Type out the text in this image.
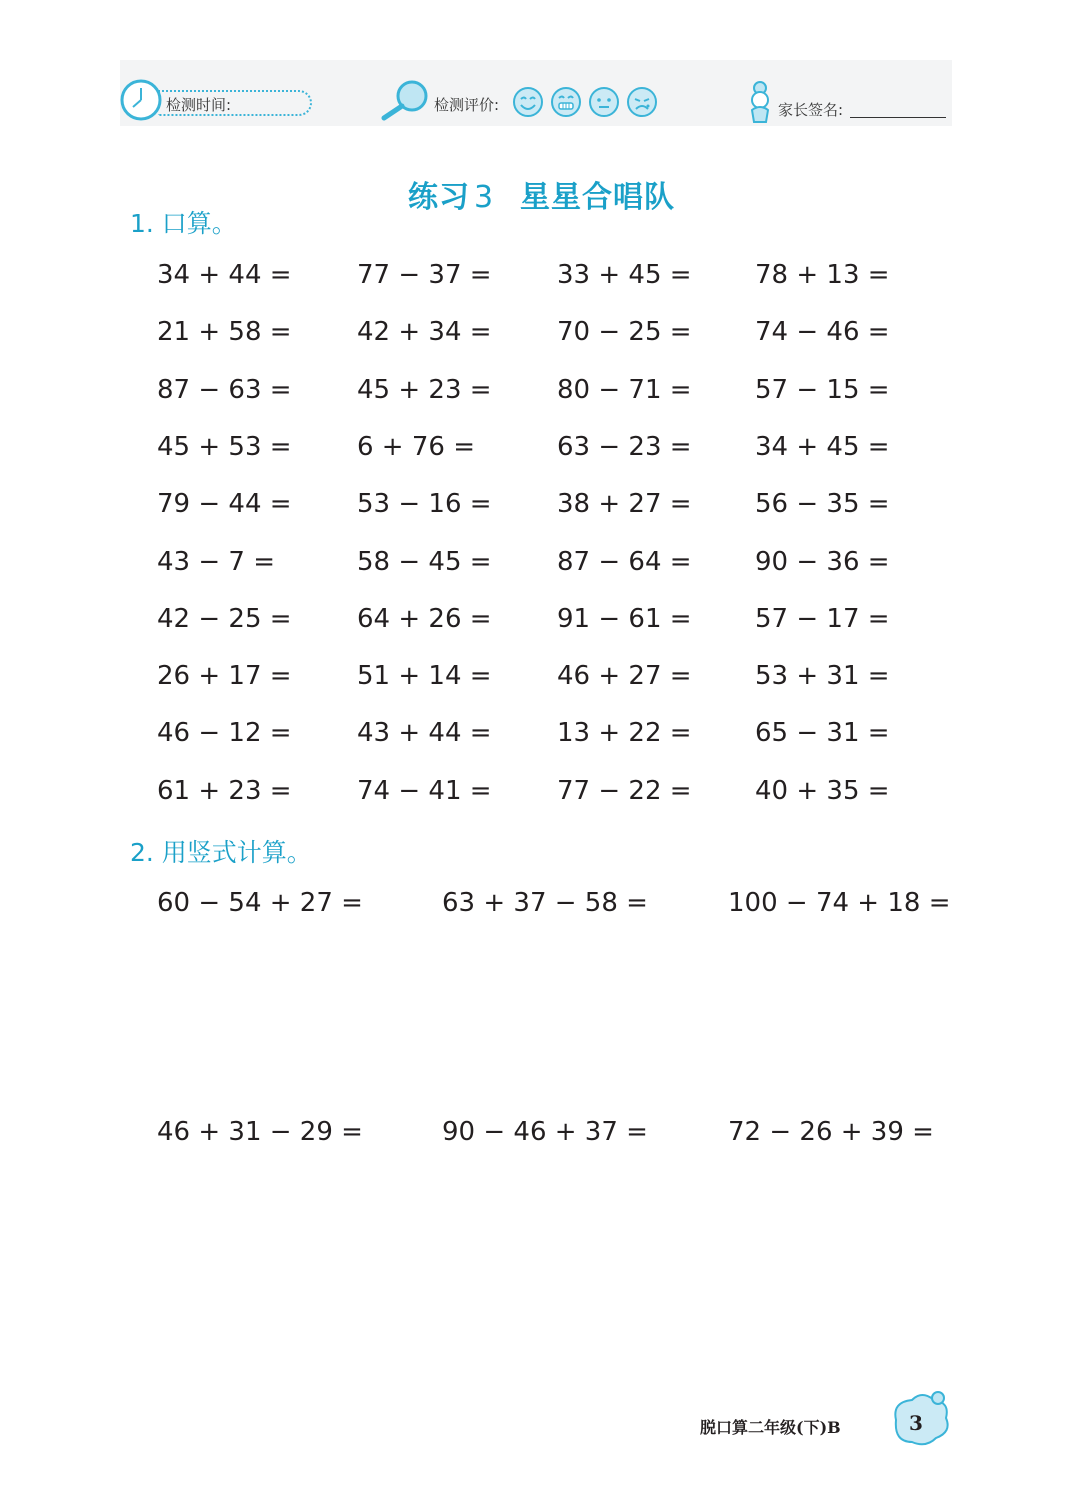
检测时间:	检测评价:	家长签名:
练习 3 星星合唱队
1. 口算。
34 + 44 =	77 − 37 =	33 + 45 = 78 + 13 =
21 + 58 =	42 + 34 =	70 − 25 = 74 − 46 =
87 − 63 =	45 + 23 =	80 − 71 = 57 − 15 =
45 + 53 =	6 + 76 =	63 − 23 = 34 + 45 =
79 − 44 =	53 − 16 =	38 + 27 = 56 − 35 =
43 − 7 =	58 − 45 =	87 − 64 = 90 − 36 =
42 − 25 =	64 + 26 =	91 − 61 = 57 − 17 =
26 + 17 =	51 + 14 =	46 + 27 = 53 + 31 =
46 − 12 =	43 + 44 =	13 + 22 = 65 − 31 =
61 + 23 =	74 − 41 =	77 − 22 = 40 + 35 =
2. 用竖式计算。
60 − 54 + 27 =	63 + 37 − 58 =	100 − 74 + 18 =
46 + 31 − 29 =	90 − 46 + 37 =	72 − 26 + 39 =
脱口算二年级(下)B	3
